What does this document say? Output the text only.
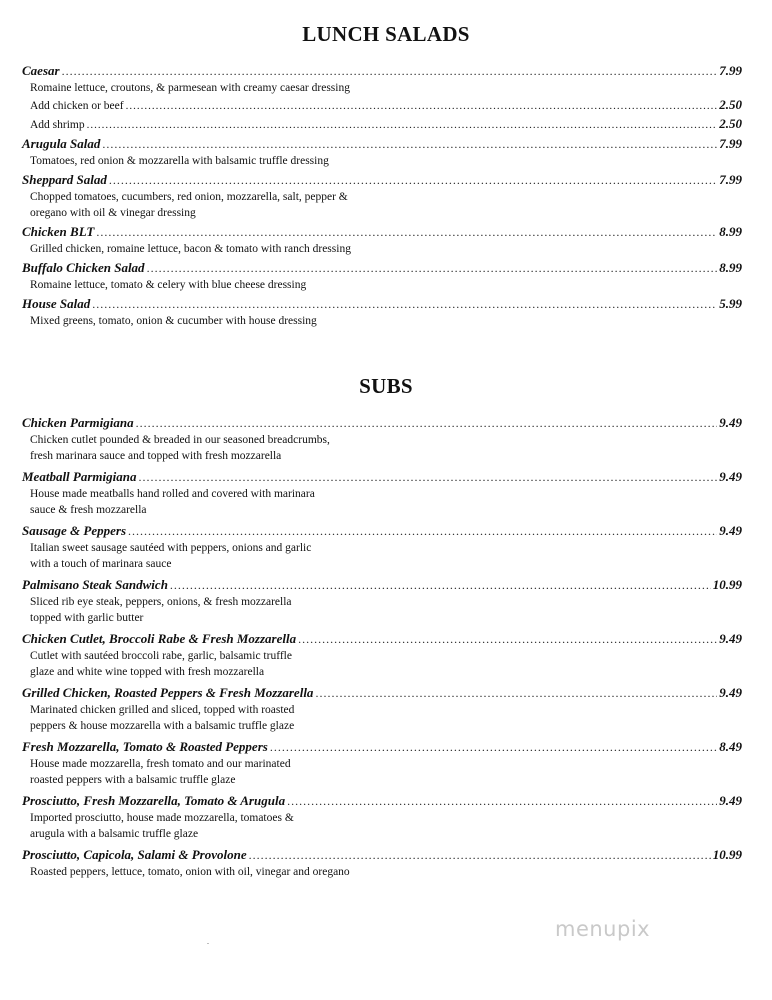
LUNCH SALADS
Caesar .....	7.99
Romaine lettuce, croutons, & parmesean with creamy caesar dressing
Add chicken or beef .....	2.50
Add shrimp .....	2.50
Arugula Salad .....	7.99
Tomatoes, red onion & mozzarella with balsamic truffle dressing
Sheppard Salad .....	7.99
Chopped tomatoes, cucumbers, red onion, mozzarella, salt, pepper &
oregano with oil & vinegar dressing
Chicken BLT .....	8.99
Grilled chicken, romaine lettuce, bacon & tomato with ranch dressing
Buffalo Chicken Salad .....	8.99
Romaine lettuce, tomato & celery with blue cheese dressing
House Salad .....	5.99
Mixed greens, tomato, onion & cucumber with house dressing
SUBS
Chicken Parmigiana .....	9.49
Chicken cutlet pounded & breaded in our seasoned breadcrumbs,
fresh marinara sauce and topped with fresh mozzarella
Meatball Parmigiana .....	9.49
House made meatballs hand rolled and covered with marinara
sauce & fresh mozzarella
Sausage & Peppers .....	9.49
Italian sweet sausage sautéed with peppers, onions and garlic
with a touch of marinara sauce
Palmisano Steak Sandwich .....	10.99
Sliced rib eye steak, peppers, onions, & fresh mozzarella
topped with garlic butter
Chicken Cutlet, Broccoli Rabe & Fresh Mozzarella .....	9.49
Cutlet with sautéed broccoli rabe, garlic, balsamic truffle
glaze and white wine topped with fresh mozzarella
Grilled Chicken, Roasted Peppers & Fresh Mozzarella .....	9.49
Marinated chicken grilled and sliced, topped with roasted
peppers & house mozzarella with a balsamic truffle glaze
Fresh Mozzarella, Tomato & Roasted Peppers .....	8.49
House made mozzarella, fresh tomato and our marinated
roasted peppers with a balsamic truffle glaze
Prosciutto, Fresh Mozzarella, Tomato & Arugula .....	9.49
Imported prosciutto, house made mozzarella, tomatoes &
arugula with a balsamic truffle glaze
Prosciutto, Capicola, Salami & Provolone .....	10.99
Roasted peppers, lettuce, tomato, onion with oil, vinegar and oregano
.
menupix
